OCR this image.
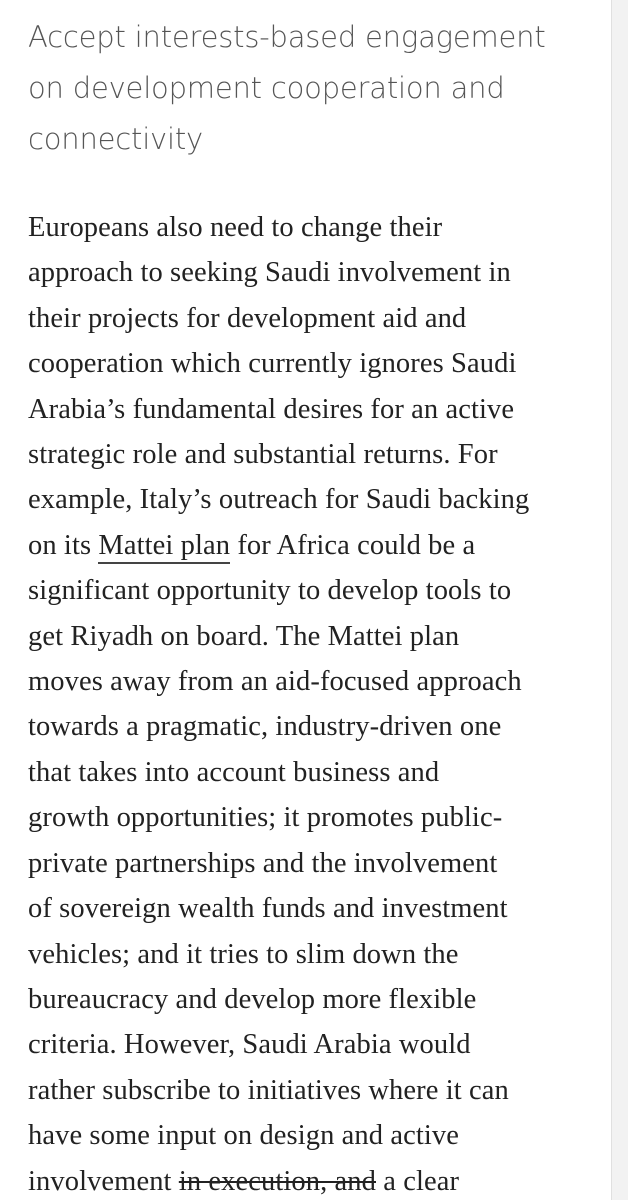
Accept interests-based engagement
on development cooperation and
connectivity

Europeans also need to change their
approach to seeking Saudi involvement in
their projects for development aid and
cooperation which currently ignores Saudi
Arabia’s fundamental desires for an active
strategic role and substantial returns. For
example, Italy’s outreach for Saudi backing
on its Mattei plan for Africa could be a
significant opportunity to develop tools to
get Riyadh on board. The Mattei plan
moves away from an aid-focused approach
towards a pragmatic, industry-driven one
that takes into account business and
growth opportunities; it promotes public-
private partnerships and the involvement
of sovereign wealth funds and investment
vehicles; and it tries to slim down the
bureaucracy and develop more flexible
criteria. However, Saudi Arabia would
rather subscribe to initiatives where it can
have some input on design and active
involvement in execution, and a clear
